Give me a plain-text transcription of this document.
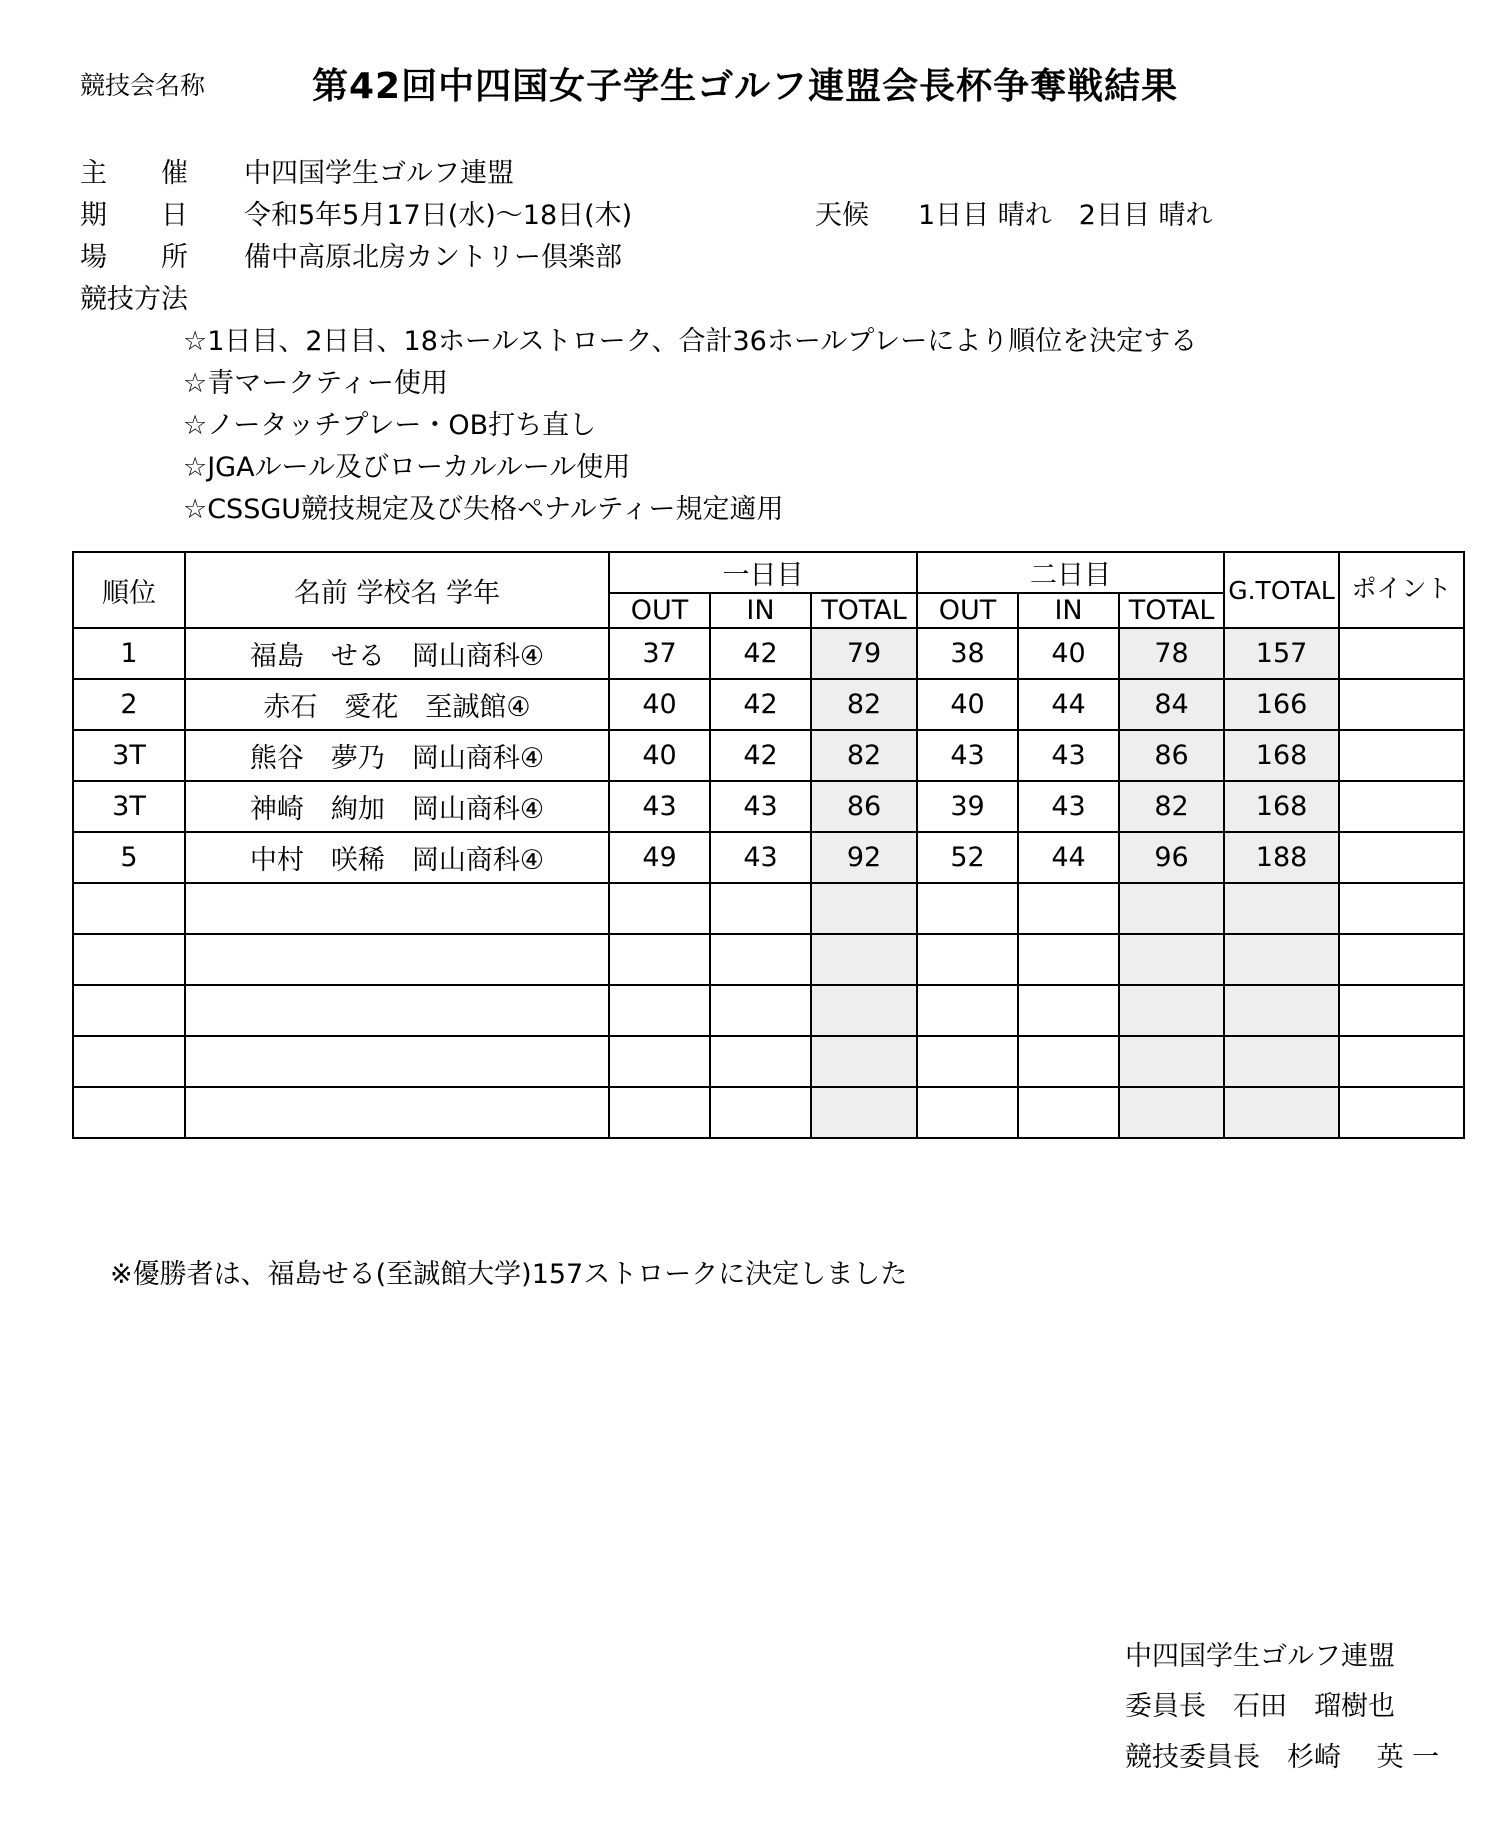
競技会名称	第42回中四国女子学生ゴルフ連盟会長杯争奪戦結果
主　　催 中四国学生ゴルフ連盟
期　　日 令和5年5月17日(水)～18日(木)	天候 1日目 晴れ　2日目 晴れ
場　　所 備中高原北房カントリー倶楽部
競技方法
☆1日目、2日目、18ホールストローク、合計36ホールプレーにより順位を決定する
☆青マークティー使用
☆ノータッチプレー・OB打ち直し
☆JGAルール及びローカルルール使用
☆CSSGU競技規定及び失格ペナルティー規定適用
順位	名前 学校名 学年	一日目			二日目			G.TOTAL	ポイント
		OUT	IN	TOTAL	OUT	IN	TOTAL		
1	福島　せる　岡山商科④	37	42	79	38	40	78	157	
2	赤石　愛花　至誠館④	40	42	82	40	44	84	166	
3T	熊谷　夢乃　岡山商科④	40	42	82	43	43	86	168	
3T	神崎　絢加　岡山商科④	43	43	86	39	43	82	168	
5	中村　咲稀　岡山商科④	49	43	92	52	44	96	188	

※優勝者は、福島せる(至誠館大学)157ストロークに決定しました
中四国学生ゴルフ連盟
委員長　石田　瑠樹也
競技委員長　杉崎　 英 一
